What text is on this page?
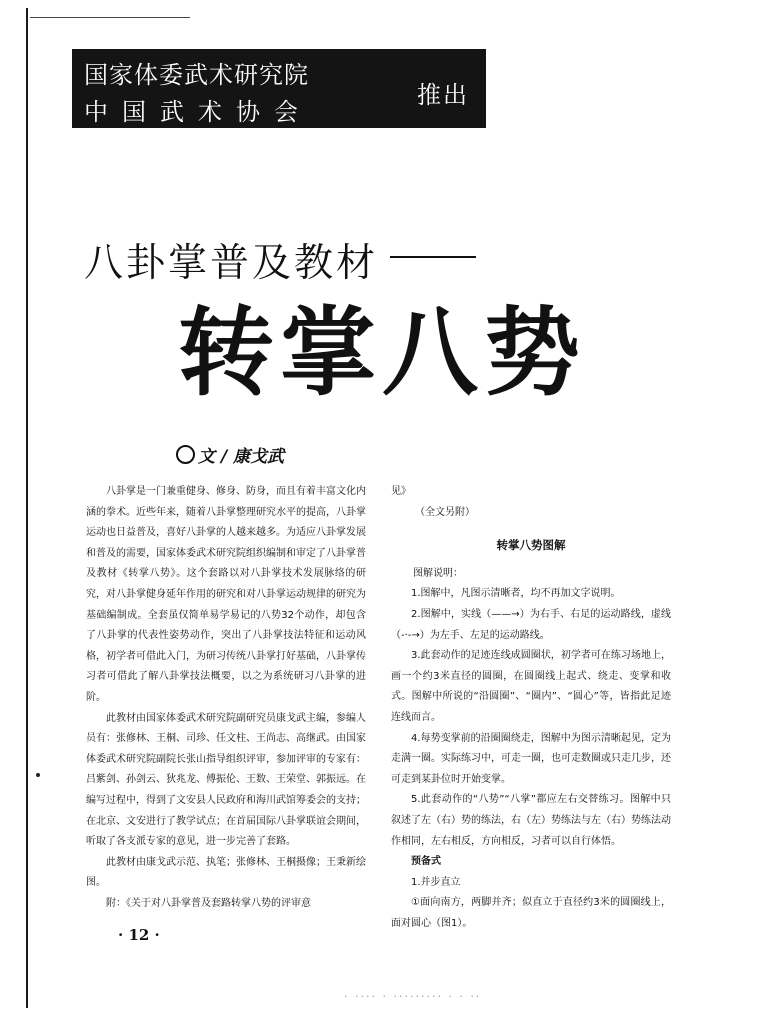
国家体委武术研究院
中国武术协会
推出
八卦掌普及教材
转掌八势
文 / 康戈武

八卦掌是一门兼重健身、修身、防身，而且有着丰富文化内涵的拳术。近些年来，随着八卦掌整理研究水平的提高，八卦掌运动也日益普及，喜好八卦掌的人越来越多。为适应八卦掌发展和普及的需要，国家体委武术研究院组织编制和审定了八卦掌普及教材《转掌八势》。这个套路以对八卦掌技术发展脉络的研究，对八卦掌健身延年作用的研究和对八卦掌运动规律的研究为基础编制成。全套虽仅简单易学易记的八势32个动作，却包含了八卦掌的代表性姿势动作，突出了八卦掌技法特征和运动风格，初学者可借此入门，为研习传统八卦掌打好基础，八卦掌传习者可借此了解八卦掌技法概要，以之为系统研习八卦掌的进阶。

此教材由国家体委武术研究院副研究员康戈武主编，参编人员有：张修林、王桐、司珍、任文柱、王尚志、高继武。由国家体委武术研究院副院长张山指导组织评审，参加评审的专家有：吕紫剑、孙剑云、狄兆龙、傅振伦、王数、王荣堂、郭振远。在编写过程中，得到了文安县人民政府和海川武馆筹委会的支持；在北京、文安进行了教学试点；在首届国际八卦掌联谊会期间，听取了各支派专家的意见，进一步完善了套路。

此教材由康戈武示范、执笔；张修林、王桐摄像；王秉新绘图。

附：《关于对八卦掌普及套路转掌八势的评审意

见》

（全文另附）

转掌八势图解

图解说明：

1.图解中，凡图示清晰者，均不再加文字说明。

2.图解中，实线（——→）为右手、右足的运动路线，虚线（-·-→）为左手、左足的运动路线。

3.此套动作的足迹连线成圆圈状，初学者可在练习场地上，画一个约3米直径的圆圈，在圆圈线上起式、绕走、变掌和收式。图解中所说的“沿圆圈”、“圈内”、“圆心”等，皆指此足迹连线而言。

4.每势变掌前的沿圈圈绕走，图解中为图示清晰起见，定为走满一圈。实际练习中，可走一圈，也可走数圈或只走几步，还可走到某卦位时开始变掌。

5.此套动作的“八势”“八掌”都应左右交替练习。图解中只叙述了左（右）势的练法，右（左）势练法与左（右）势练法动作相同，左右相反，方向相反，习者可以自行体悟。

预备式

1.并步直立

①面向南方，两脚并齐；似直立于直径约3米的圆圈线上，面对圆心（图1）。

· 12 ·
· ···· · ········· · · ··
